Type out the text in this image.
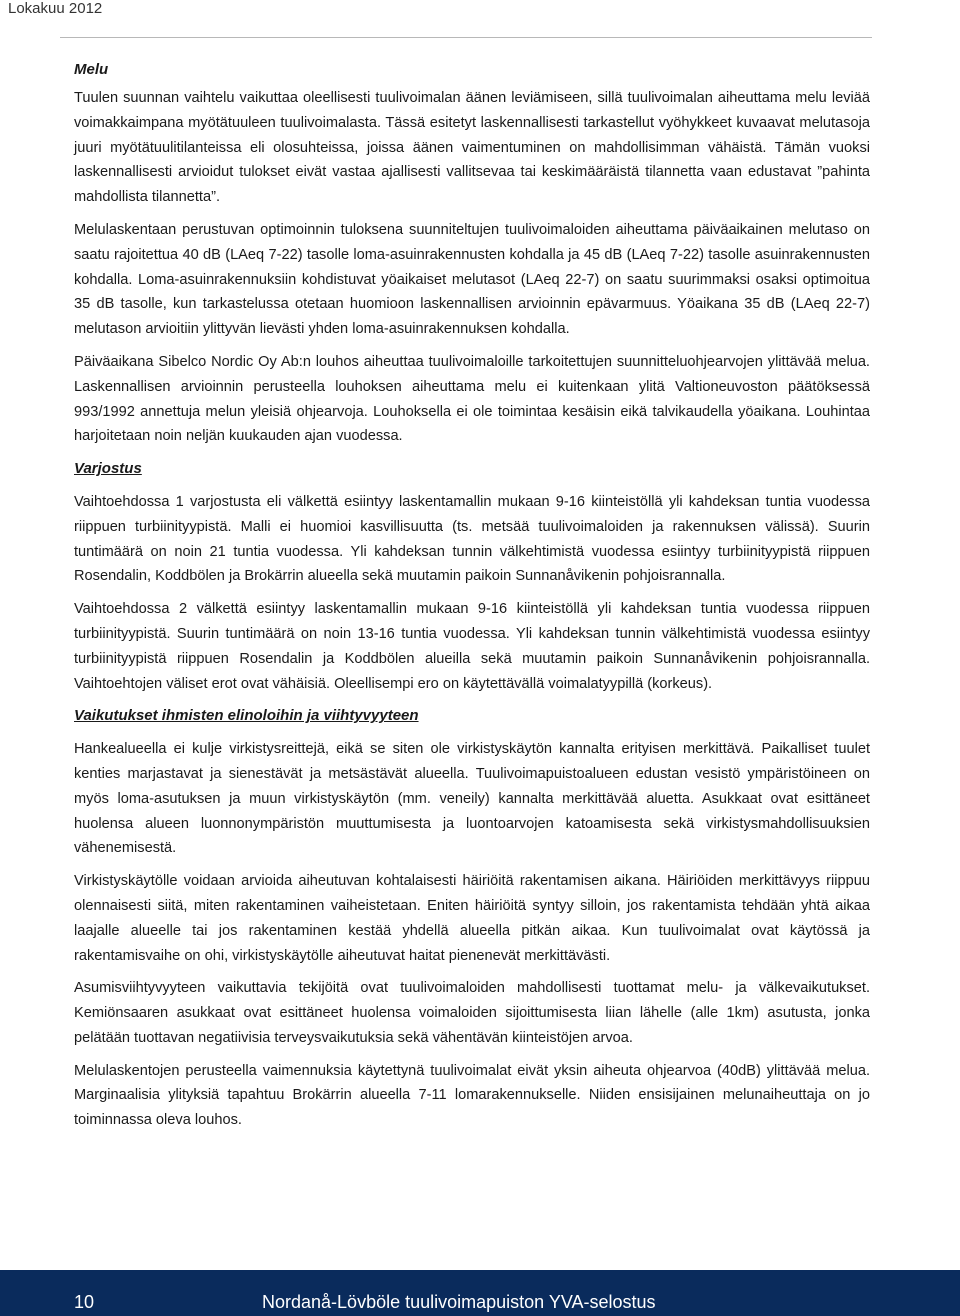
Lokakuu 2012
Melu

Tuulen suunnan vaihtelu vaikuttaa oleellisesti tuulivoimalan äänen leviämiseen, sillä tuulivoimalan aiheuttama melu leviää voimakkaimpana myötätuuleen tuulivoimalasta. Tässä esitetyt laskennallisesti tarkastellut vyöhykkeet kuvaavat melutasoja juuri myötätuulitilanteissa eli olosuhteissa, joissa äänen vaimentuminen on mahdollisimman vähäistä. Tämän vuoksi laskennallisesti arvioidut tulokset eivät vastaa ajallisesti vallitsevaa tai keskimääräistä tilannetta vaan edustavat ”pahinta mahdollista tilannetta”.

Melulaskentaan perustuvan optimoinnin tuloksena suunniteltujen tuulivoimaloiden aiheuttama päiväaikainen melutaso on saatu rajoitettua 40 dB (LAeq 7-22) tasolle loma-asuinrakennusten kohdalla ja 45 dB (LAeq 7-22) tasolle asuinrakennusten kohdalla. Loma-asuinrakennuksiin kohdistuvat yöaikaiset melutasot (LAeq 22-7) on saatu suurimmaksi osaksi optimoitua 35 dB tasolle, kun tarkastelussa otetaan huomioon laskennallisen arvioinnin epävarmuus. Yöaikana 35 dB (LAeq 22-7) melutason arvioitiin ylittyvän lievästi yhden loma-asuinrakennuksen kohdalla.

Päiväaikana Sibelco Nordic Oy Ab:n louhos aiheuttaa tuulivoimaloille tarkoitettujen suunnitteluohjearvojen ylittävää melua. Laskennallisen arvioinnin perusteella louhoksen aiheuttama melu ei kuitenkaan ylitä Valtioneuvoston päätöksessä 993/1992 annettuja melun yleisiä ohjearvoja. Louhoksella ei ole toimintaa kesäisin eikä talvikaudella yöaikana. Louhintaa harjoitetaan noin neljän kuukauden ajan vuodessa.

Varjostus

Vaihtoehdossa 1 varjostusta eli välkettä esiintyy laskentamallin mukaan 9-16 kiinteistöllä yli kahdeksan tuntia vuodessa riippuen turbiinityypistä. Malli ei huomioi kasvillisuutta (ts. metsää tuulivoimaloiden ja rakennuksen välissä). Suurin tuntimäärä on noin 21 tuntia vuodessa. Yli kahdeksan tunnin välkehtimistä vuodessa esiintyy turbiinityypistä riippuen Rosendalin, Koddbölen ja Brokärrin alueella sekä muutamin paikoin Sunnanåvikenin pohjoisrannalla.

Vaihtoehdossa 2 välkettä esiintyy laskentamallin mukaan 9-16 kiinteistöllä yli kahdeksan tuntia vuodessa riippuen turbiinityypistä. Suurin tuntimäärä on noin 13-16 tuntia vuodessa. Yli kahdeksan tunnin välkehtimistä vuodessa esiintyy turbiinityypistä riippuen Rosendalin ja Koddbölen alueilla sekä muutamin paikoin Sunnanåvikenin pohjoisrannalla. Vaihtoehtojen väliset erot ovat vähäisiä. Oleellisempi ero on käytettävällä voimalatyypillä (korkeus).

Vaikutukset ihmisten elinoloihin ja viihtyvyyteen

Hankealueella ei kulje virkistysreittejä, eikä se siten ole virkistyskäytön kannalta erityisen merkittävä. Paikalliset tuulet kenties marjastavat ja sienestävät ja metsästävät alueella. Tuulivoimapuistoalueen edustan vesistö ympäristöineen on myös loma-asutuksen ja muun virkistyskäytön (mm. veneily) kannalta merkittävää aluetta. Asukkaat ovat esittäneet huolensa alueen luonnonympäristön muuttumisesta ja luontoarvojen katoamisesta sekä virkistysmahdollisuuksien vähenemisestä.

Virkistyskäytölle voidaan arvioida aiheutuvan kohtalaisesti häiriöitä rakentamisen aikana. Häiriöiden merkittävyys riippuu olennaisesti siitä, miten rakentaminen vaiheistetaan. Eniten häiriöitä syntyy silloin, jos rakentamista tehdään yhtä aikaa laajalle alueelle tai jos rakentaminen kestää yhdellä alueella pitkän aikaa. Kun tuulivoimalat ovat käytössä ja rakentamisvaihe on ohi, virkistyskäytölle aiheutuvat haitat pienenevät merkittävästi.

Asumisviihtyvyyteen vaikuttavia tekijöitä ovat tuulivoimaloiden mahdollisesti tuottamat melu- ja välkevaikutukset. Kemiönsaaren asukkaat ovat esittäneet huolensa voimaloiden sijoittumisesta liian lähelle (alle 1km) asutusta, jonka pelätään tuottavan negatiivisia terveysvaikutuksia sekä vähentävän kiinteistöjen arvoa.

Melulaskentojen perusteella vaimennuksia käytettynä tuulivoimalat eivät yksin aiheuta ohjearvoa (40dB) ylittävää melua. Marginaalisia ylityksiä tapahtuu Brokärrin alueella 7-11 lomarakennukselle. Niiden ensisijainen melunaiheuttaja on jo toiminnassa oleva louhos.

10	Nordanå-Lövböle tuulivoimapuiston YVA-selostus
